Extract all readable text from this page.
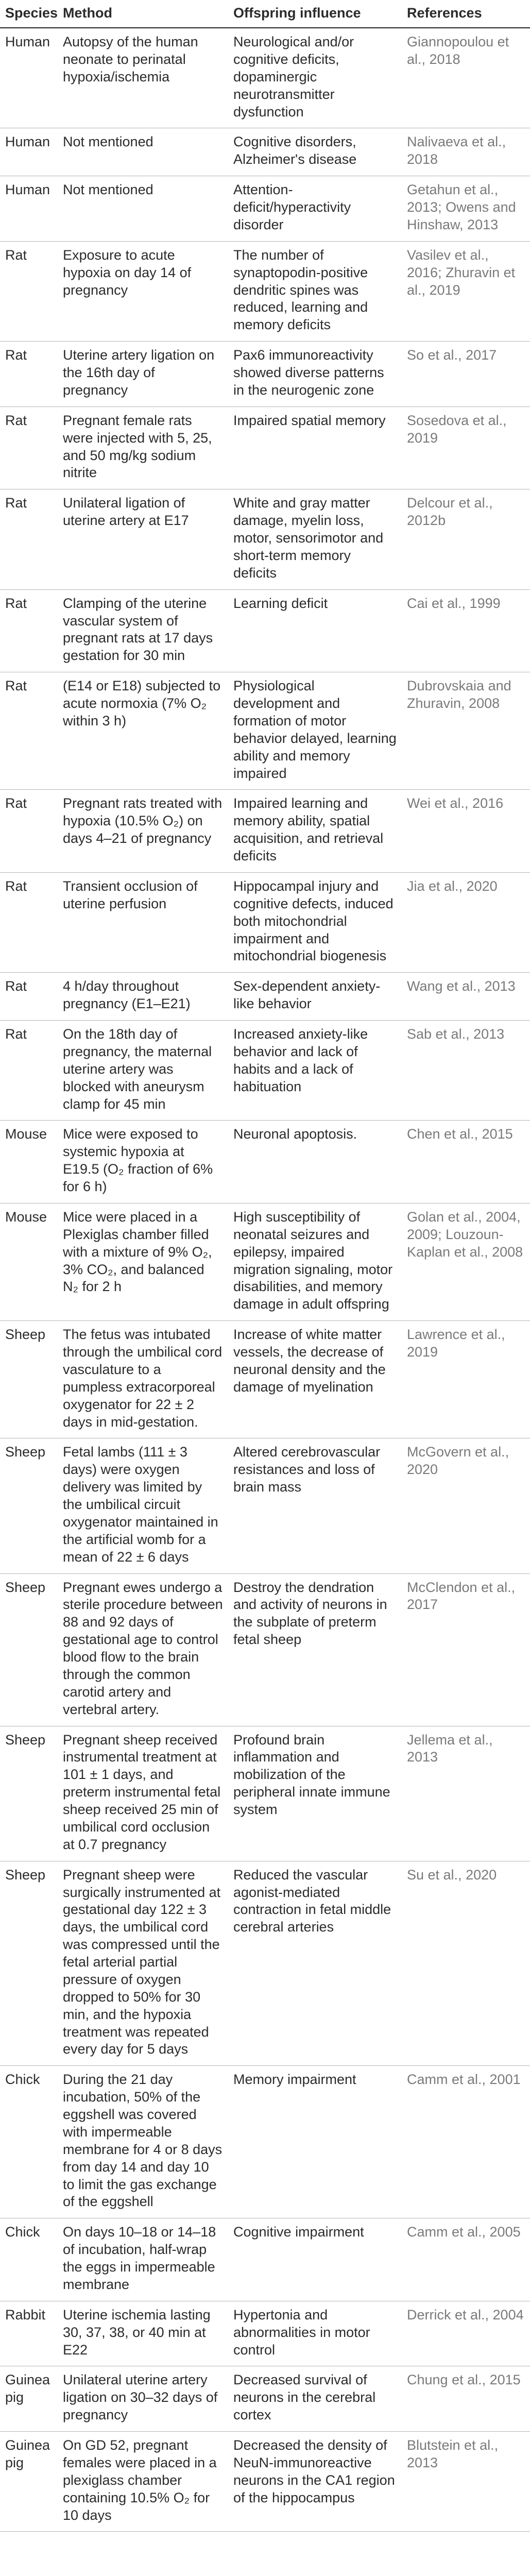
Species	Method	Offspring influence	References
Human	Autopsy of the human neonate to perinatal hypoxia/ischemia	Neurological and/or cognitive deficits, dopaminergic neurotransmitter dysfunction	Giannopoulou et al., 2018
Human	Not mentioned	Cognitive disorders, Alzheimer's disease	Nalivaeva et al., 2018
Human	Not mentioned	Attention-deficit/hyperactivity disorder	Getahun et al., 2013; Owens and Hinshaw, 2013
Rat	Exposure to acute hypoxia on day 14 of pregnancy	The number of synaptopodin-positive dendritic spines was reduced, learning and memory deficits	Vasilev et al., 2016; Zhuravin et al., 2019
Rat	Uterine artery ligation on the 16th day of pregnancy	Pax6 immunoreactivity showed diverse patterns in the neurogenic zone	So et al., 2017
Rat	Pregnant female rats were injected with 5, 25, and 50 mg/kg sodium nitrite	Impaired spatial memory	Sosedova et al., 2019
Rat	Unilateral ligation of uterine artery at E17	White and gray matter damage, myelin loss, motor, sensorimotor and short-term memory deficits	Delcour et al., 2012b
Rat	Clamping of the uterine vascular system of pregnant rats at 17 days gestation for 30 min	Learning deficit	Cai et al., 1999
Rat	(E14 or E18) subjected to acute normoxia (7% O₂ within 3 h)	Physiological development and formation of motor behavior delayed, learning ability and memory impaired	Dubrovskaia and Zhuravin, 2008
Rat	Pregnant rats treated with hypoxia (10.5% O₂) on days 4–21 of pregnancy	Impaired learning and memory ability, spatial acquisition, and retrieval deficits	Wei et al., 2016
Rat	Transient occlusion of uterine perfusion	Hippocampal injury and cognitive defects, induced both mitochondrial impairment and mitochondrial biogenesis	Jia et al., 2020
Rat	4 h/day throughout pregnancy (E1–E21)	Sex-dependent anxiety-like behavior	Wang et al., 2013
Rat	On the 18th day of pregnancy, the maternal uterine artery was blocked with aneurysm clamp for 45 min	Increased anxiety-like behavior and lack of habits and a lack of habituation	Sab et al., 2013
Mouse	Mice were exposed to systemic hypoxia at E19.5 (O₂ fraction of 6% for 6 h)	Neuronal apoptosis.	Chen et al., 2015
Mouse	Mice were placed in a Plexiglas chamber filled with a mixture of 9% O₂, 3% CO₂, and balanced N₂ for 2 h	High susceptibility of neonatal seizures and epilepsy, impaired migration signaling, motor disabilities, and memory damage in adult offspring	Golan et al., 2004, 2009; Louzoun-Kaplan et al., 2008
Sheep	The fetus was intubated through the umbilical cord vasculature to a pumpless extracorporeal oxygenator for 22 ± 2 days in mid-gestation.	Increase of white matter vessels, the decrease of neuronal density and the damage of myelination	Lawrence et al., 2019
Sheep	Fetal lambs (111 ± 3 days) were oxygen delivery was limited by the umbilical circuit oxygenator maintained in the artificial womb for a mean of 22 ± 6 days	Altered cerebrovascular resistances and loss of brain mass	McGovern et al., 2020
Sheep	Pregnant ewes undergo a sterile procedure between 88 and 92 days of gestational age to control blood flow to the brain through the common carotid artery and vertebral artery.	Destroy the dendration and activity of neurons in the subplate of preterm fetal sheep	McClendon et al., 2017
Sheep	Pregnant sheep received instrumental treatment at 101 ± 1 days, and preterm instrumental fetal sheep received 25 min of umbilical cord occlusion at 0.7 pregnancy	Profound brain inflammation and mobilization of the peripheral innate immune system	Jellema et al., 2013
Sheep	Pregnant sheep were surgically instrumented at gestational day 122 ± 3 days, the umbilical cord was compressed until the fetal arterial partial pressure of oxygen dropped to 50% for 30 min, and the hypoxia treatment was repeated every day for 5 days	Reduced the vascular agonist-mediated contraction in fetal middle cerebral arteries	Su et al., 2020
Chick	During the 21 day incubation, 50% of the eggshell was covered with impermeable membrane for 4 or 8 days from day 14 and day 10 to limit the gas exchange of the eggshell	Memory impairment	Camm et al., 2001
Chick	On days 10–18 or 14–18 of incubation, half-wrap the eggs in impermeable membrane	Cognitive impairment	Camm et al., 2005
Rabbit	Uterine ischemia lasting 30, 37, 38, or 40 min at E22	Hypertonia and abnormalities in motor control	Derrick et al., 2004
Guinea pig	Unilateral uterine artery ligation on 30–32 days of pregnancy	Decreased survival of neurons in the cerebral cortex	Chung et al., 2015
Guinea pig	On GD 52, pregnant females were placed in a plexiglass chamber containing 10.5% O₂ for 10 days	Decreased the density of NeuN-immunoreactive neurons in the CA1 region of the hippocampus	Blutstein et al., 2013
